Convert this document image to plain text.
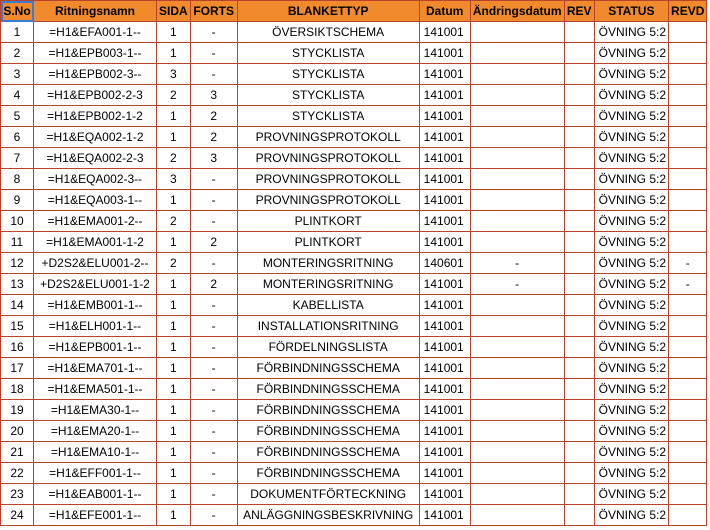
S.No	Ritningsnamn	SIDA	FORTS	BLANKETTYP	Datum	Ändringsdatum	REV	STATUS	REVD
1	=H1&EFA001-1--	1	-	ÖVERSIKTSCHEMA	141001			ÖVNING 5:2	
2	=H1&EPB003-1--	1	-	STYCKLISTA	141001			ÖVNING 5:2	
3	=H1&EPB002-3--	3	-	STYCKLISTA	141001			ÖVNING 5:2	
4	=H1&EPB002-2-3	2	3	STYCKLISTA	141001			ÖVNING 5:2	
5	=H1&EPB002-1-2	1	2	STYCKLISTA	141001			ÖVNING 5:2	
6	=H1&EQA002-1-2	1	2	PROVNINGSPROTOKOLL	141001			ÖVNING 5:2	
7	=H1&EQA002-2-3	2	3	PROVNINGSPROTOKOLL	141001			ÖVNING 5:2	
8	=H1&EQA002-3--	3	-	PROVNINGSPROTOKOLL	141001			ÖVNING 5:2	
9	=H1&EQA003-1--	1	-	PROVNINGSPROTOKOLL	141001			ÖVNING 5:2	
10	=H1&EMA001-2--	2	-	PLINTKORT	141001			ÖVNING 5:2	
11	=H1&EMA001-1-2	1	2	PLINTKORT	141001			ÖVNING 5:2	
12	+D2S2&ELU001-2--	2	-	MONTERINGSRITNING	140601	-		ÖVNING 5:2	-
13	+D2S2&ELU001-1-2	1	2	MONTERINGSRITNING	141001	-		ÖVNING 5:2	-
14	=H1&EMB001-1--	1	-	KABELLISTA	141001			ÖVNING 5:2	
15	=H1&ELH001-1--	1	-	INSTALLATIONSRITNING	141001			ÖVNING 5:2	
16	=H1&EPB001-1--	1	-	FÖRDELNINGSLISTA	141001			ÖVNING 5:2	
17	=H1&EMA701-1--	1	-	FÖRBINDNINGSSCHEMA	141001			ÖVNING 5:2	
18	=H1&EMA501-1--	1	-	FÖRBINDNINGSSCHEMA	141001			ÖVNING 5:2	
19	=H1&EMA30-1--	1	-	FÖRBINDNINGSSCHEMA	141001			ÖVNING 5:2	
20	=H1&EMA20-1--	1	-	FÖRBINDNINGSSCHEMA	141001			ÖVNING 5:2	
21	=H1&EMA10-1--	1	-	FÖRBINDNINGSSCHEMA	141001			ÖVNING 5:2	
22	=H1&EFF001-1--	1	-	FÖRBINDNINGSSCHEMA	141001			ÖVNING 5:2	
23	=H1&EAB001-1--	1	-	DOKUMENTFÖRTECKNING	141001			ÖVNING 5:2	
24	=H1&EFE001-1--	1	-	ANLÄGGNINGSBESKRIVNING	141001			ÖVNING 5:2	
